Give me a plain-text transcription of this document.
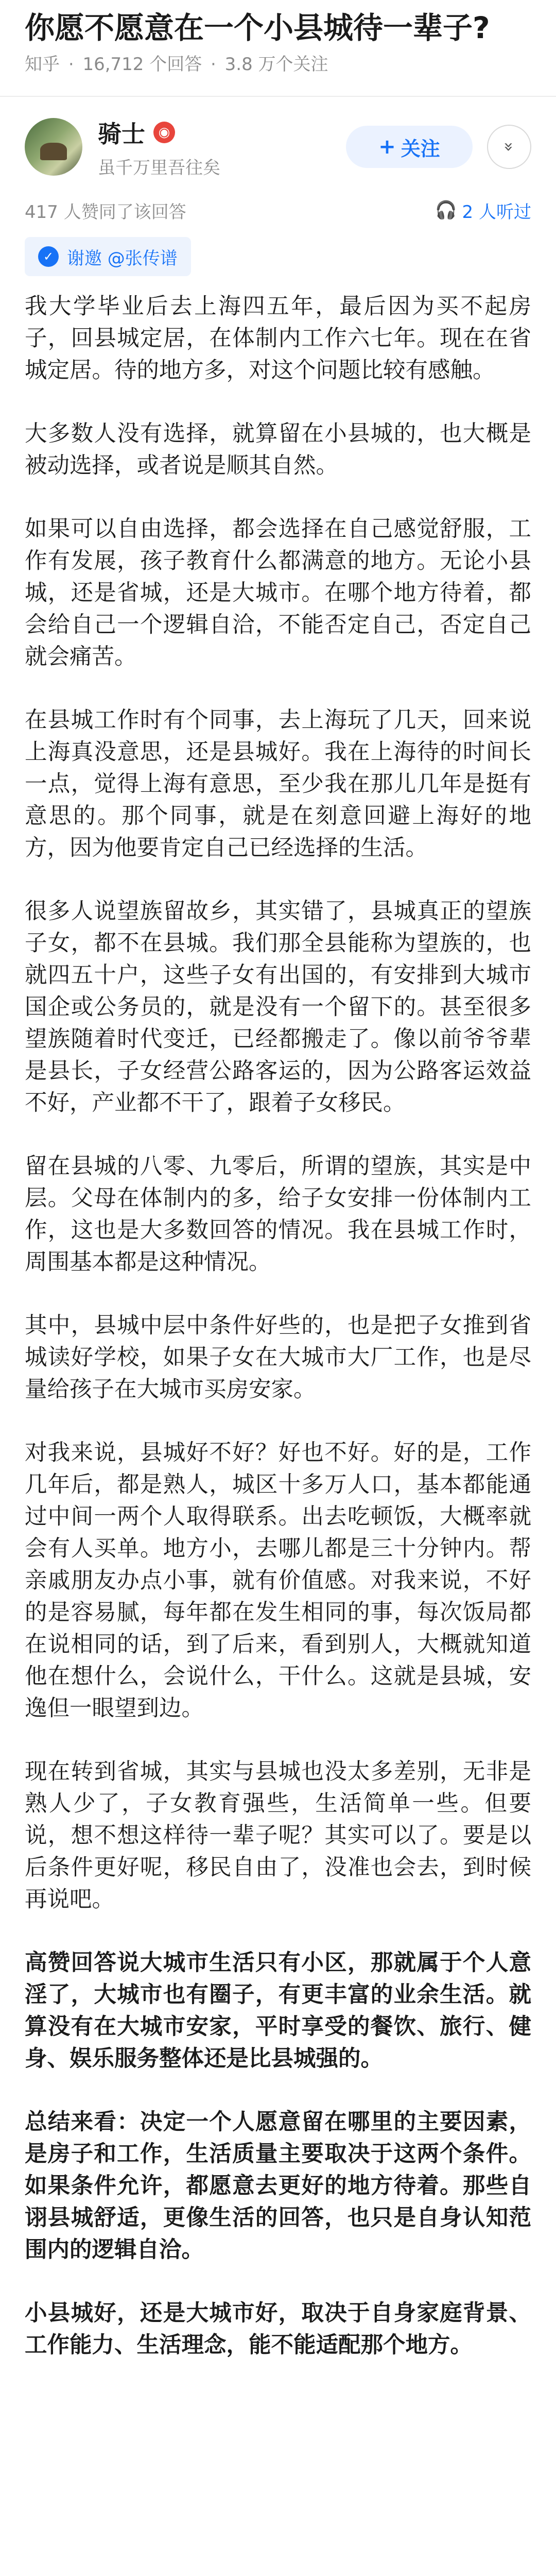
你愿不愿意在一个小县城待一辈子?
知乎 · 16,712 个回答 · 3.8 万个关注
骑士 ◉
虽千万里吾往矣
+ 关注	»
417 人赞同了该回答	🎧 2 人听过
✓ 谢邀 @张传谱

我大学毕业后去上海四五年，最后因为买不起房子，回县城定居，在体制内工作六七年。现在在省城定居。待的地方多，对这个问题比较有感触。

大多数人没有选择，就算留在小县城的，也大概是被动选择，或者说是顺其自然。

如果可以自由选择，都会选择在自己感觉舒服，工作有发展，孩子教育什么都满意的地方。无论小县城，还是省城，还是大城市。在哪个地方待着，都会给自己一个逻辑自洽，不能否定自己，否定自己就会痛苦。

在县城工作时有个同事，去上海玩了几天，回来说上海真没意思，还是县城好。我在上海待的时间长一点，觉得上海有意思，至少我在那儿几年是挺有意思的。那个同事，就是在刻意回避上海好的地方，因为他要肯定自己已经选择的生活。

很多人说望族留故乡，其实错了，县城真正的望族子女，都不在县城。我们那全县能称为望族的，也就四五十户，这些子女有出国的，有安排到大城市国企或公务员的，就是没有一个留下的。甚至很多望族随着时代变迁，已经都搬走了。像以前爷爷辈是县长，子女经营公路客运的，因为公路客运效益不好，产业都不干了，跟着子女移民。

留在县城的八零、九零后，所谓的望族，其实是中层。父母在体制内的多，给子女安排一份体制内工作，这也是大多数回答的情况。我在县城工作时，周围基本都是这种情况。

其中，县城中层中条件好些的，也是把子女推到省城读好学校，如果子女在大城市大厂工作，也是尽量给孩子在大城市买房安家。

对我来说，县城好不好？好也不好。好的是，工作几年后，都是熟人，城区十多万人口，基本都能通过中间一两个人取得联系。出去吃顿饭，大概率就会有人买单。地方小，去哪儿都是三十分钟内。帮亲戚朋友办点小事，就有价值感。对我来说，不好的是容易腻，每年都在发生相同的事，每次饭局都在说相同的话，到了后来，看到别人，大概就知道他在想什么，会说什么，干什么。这就是县城，安逸但一眼望到边。

现在转到省城，其实与县城也没太多差别，无非是熟人少了，子女教育强些，生活简单一些。但要说，想不想这样待一辈子呢？其实可以了。要是以后条件更好呢，移民自由了，没准也会去，到时候再说吧。

高赞回答说大城市生活只有小区，那就属于个人意淫了，大城市也有圈子，有更丰富的业余生活。就算没有在大城市安家，平时享受的餐饮、旅行、健身、娱乐服务整体还是比县城强的。

总结来看：决定一个人愿意留在哪里的主要因素，是房子和工作，生活质量主要取决于这两个条件。如果条件允许，都愿意去更好的地方待着。那些自诩县城舒适，更像生活的回答，也只是自身认知范围内的逻辑自洽。

小县城好，还是大城市好，取决于自身家庭背景、工作能力、生活理念，能不能适配那个地方。
